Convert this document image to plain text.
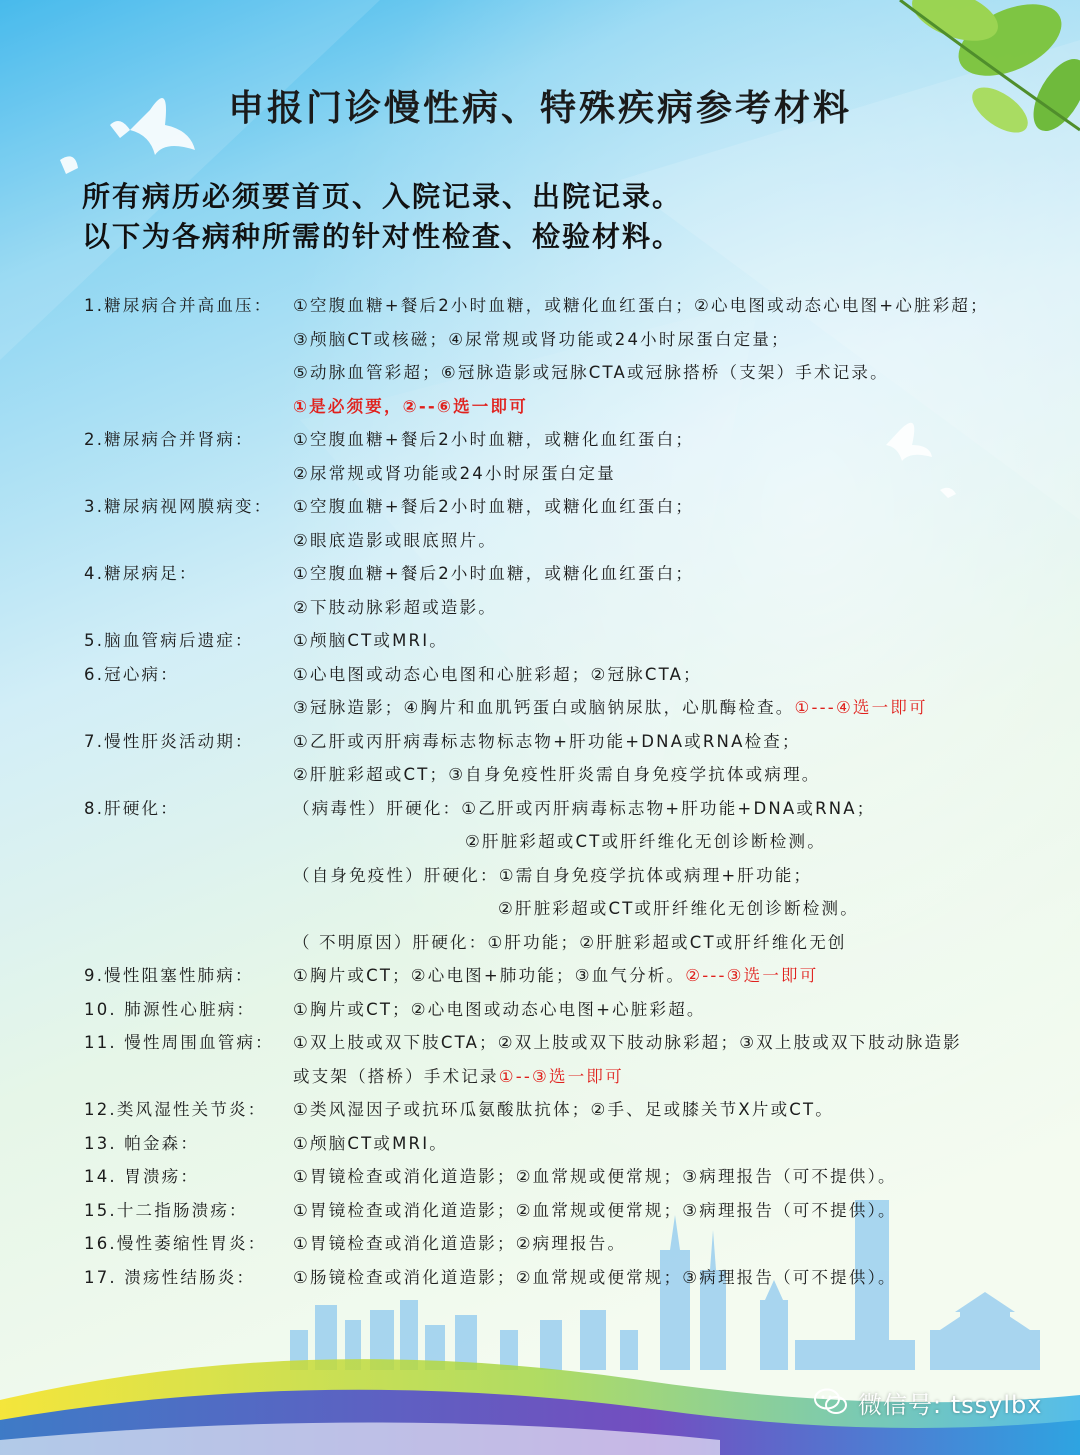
申报门诊慢性病、特殊疾病参考材料
所有病历必须要首页、入院记录、出院记录。
以下为各病种所需的针对性检查、检验材料。
1.糖尿病合并高血压： ①空腹血糖+餐后2小时血糖，或糖化血红蛋白；②心电图或动态心电图+心脏彩超；
③颅脑CT或核磁；④尿常规或肾功能或24小时尿蛋白定量；
⑤动脉血管彩超；⑥冠脉造影或冠脉CTA或冠脉搭桥（支架）手术记录。
①是必须要，②--⑥选一即可
2.糖尿病合并肾病： ①空腹血糖+餐后2小时血糖，或糖化血红蛋白；
②尿常规或肾功能或24小时尿蛋白定量
3.糖尿病视网膜病变： ①空腹血糖+餐后2小时血糖，或糖化血红蛋白；
②眼底造影或眼底照片。
4.糖尿病足：	①空腹血糖+餐后2小时血糖，或糖化血红蛋白；
②下肢动脉彩超或造影。
5.脑血管病后遗症： ①颅脑CT或MRI。
6.冠心病：	①心电图或动态心电图和心脏彩超；②冠脉CTA；
③冠脉造影；④胸片和血肌钙蛋白或脑钠尿肽，心肌酶检查。①---④选一即可
7.慢性肝炎活动期： ①乙肝或丙肝病毒标志物标志物+肝功能+DNA或RNA检查；
②肝脏彩超或CT；③自身免疫性肝炎需自身免疫学抗体或病理。
8.肝硬化：	（病毒性）肝硬化：①乙肝或丙肝病毒标志物+肝功能+DNA或RNA；
②肝脏彩超或CT或肝纤维化无创诊断检测。
（自身免疫性）肝硬化：①需自身免疫学抗体或病理+肝功能；
②肝脏彩超或CT或肝纤维化无创诊断检测。
（ 不明原因）肝硬化：①肝功能；②肝脏彩超或CT或肝纤维化无创
9.慢性阻塞性肺病： ①胸片或CT；②心电图+肺功能；③血气分析。②---③选一即可
10. 肺源性心脏病： ①胸片或CT；②心电图或动态心电图+心脏彩超。
11. 慢性周围血管病： ①双上肢或双下肢CTA；②双上肢或双下肢动脉彩超；③双上肢或双下肢动脉造影
或支架（搭桥）手术记录①--③选一即可
12.类风湿性关节炎： ①类风湿因子或抗环瓜氨酸肽抗体；②手、足或膝关节X片或CT。
13. 帕金森：	①颅脑CT或MRI。
14. 胃溃疡：	①胃镜检查或消化道造影；②血常规或便常规；③病理报告（可不提供）。
15.十二指肠溃疡：	①胃镜检查或消化道造影；②血常规或便常规；③病理报告（可不提供）。
16.慢性萎缩性胃炎： ①胃镜检查或消化道造影；②病理报告。
17. 溃疡性结肠炎： ①肠镜检查或消化道造影；②血常规或便常规；③病理报告（可不提供）。
微信号: tssylbx
